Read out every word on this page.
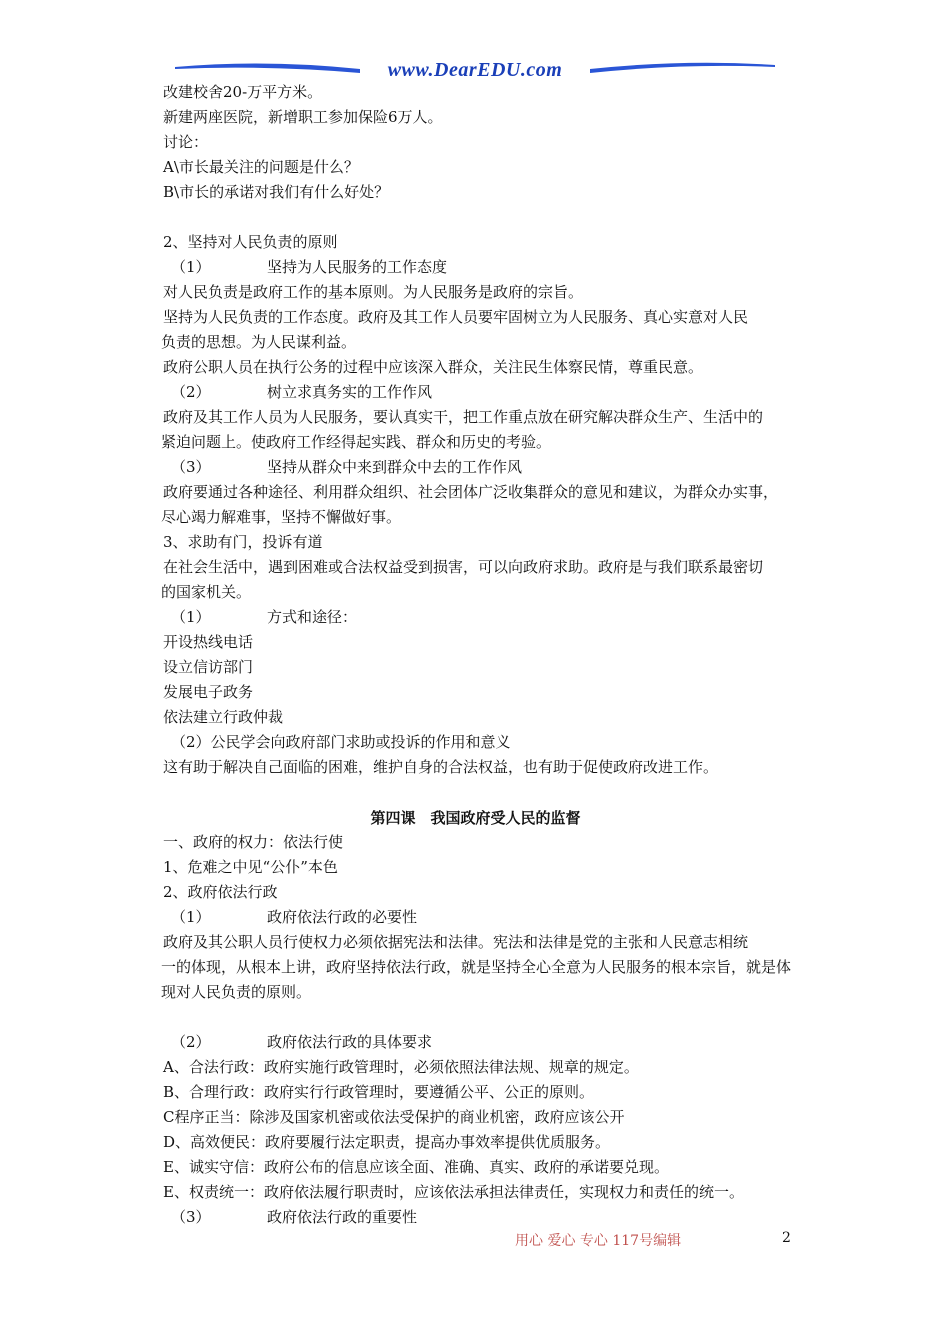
www.DearEDU.com
改建校舍20-万平方米。
新建两座医院，新增职工参加保险6万人。
讨论：
A\市长最关注的问题是什么？
B\市长的承诺对我们有什么好处？
2、坚持对人民负责的原则
（1）	坚持为人民服务的工作态度
对人民负责是政府工作的基本原则。为人民服务是政府的宗旨。
坚持为人民负责的工作态度。政府及其工作人员要牢固树立为人民服务、真心实意对人民
负责的思想。为人民谋利益。
政府公职人员在执行公务的过程中应该深入群众，关注民生体察民情，尊重民意。
（2）	树立求真务实的工作作风
政府及其工作人员为人民服务，要认真实干，把工作重点放在研究解决群众生产、生活中的
紧迫问题上。使政府工作经得起实践、群众和历史的考验。
（3）	坚持从群众中来到群众中去的工作作风
政府要通过各种途径、利用群众组织、社会团体广泛收集群众的意见和建议，为群众办实事，
尽心竭力解难事，坚持不懈做好事。
3、求助有门，投诉有道
在社会生活中，遇到困难或合法权益受到损害，可以向政府求助。政府是与我们联系最密切
的国家机关。
（1）	方式和途径：
开设热线电话
设立信访部门
发展电子政务
依法建立行政仲裁
（2）公民学会向政府部门求助或投诉的作用和意义
这有助于解决自己面临的困难，维护自身的合法权益，也有助于促使政府改进工作。
第四课　我国政府受人民的监督
一、政府的权力：依法行使
1、危难之中见“公仆”本色
2、政府依法行政
（1）	政府依法行政的必要性
政府及其公职人员行使权力必须依据宪法和法律。宪法和法律是党的主张和人民意志相统
一的体现，从根本上讲，政府坚持依法行政，就是坚持全心全意为人民服务的根本宗旨，就是体
现对人民负责的原则。
（2）	政府依法行政的具体要求
A、合法行政：政府实施行政管理时，必须依照法律法规、规章的规定。
B、合理行政：政府实行行政管理时，要遵循公平、公正的原则。
C程序正当：除涉及国家机密或依法受保护的商业机密，政府应该公开
D、高效便民：政府要履行法定职责，提高办事效率提供优质服务。
E、诚实守信：政府公布的信息应该全面、准确、真实、政府的承诺要兑现。
E、权责统一：政府依法履行职责时，应该依法承担法律责任，实现权力和责任的统一。
（3）	政府依法行政的重要性
用心 爱心 专心 117号编辑	2
